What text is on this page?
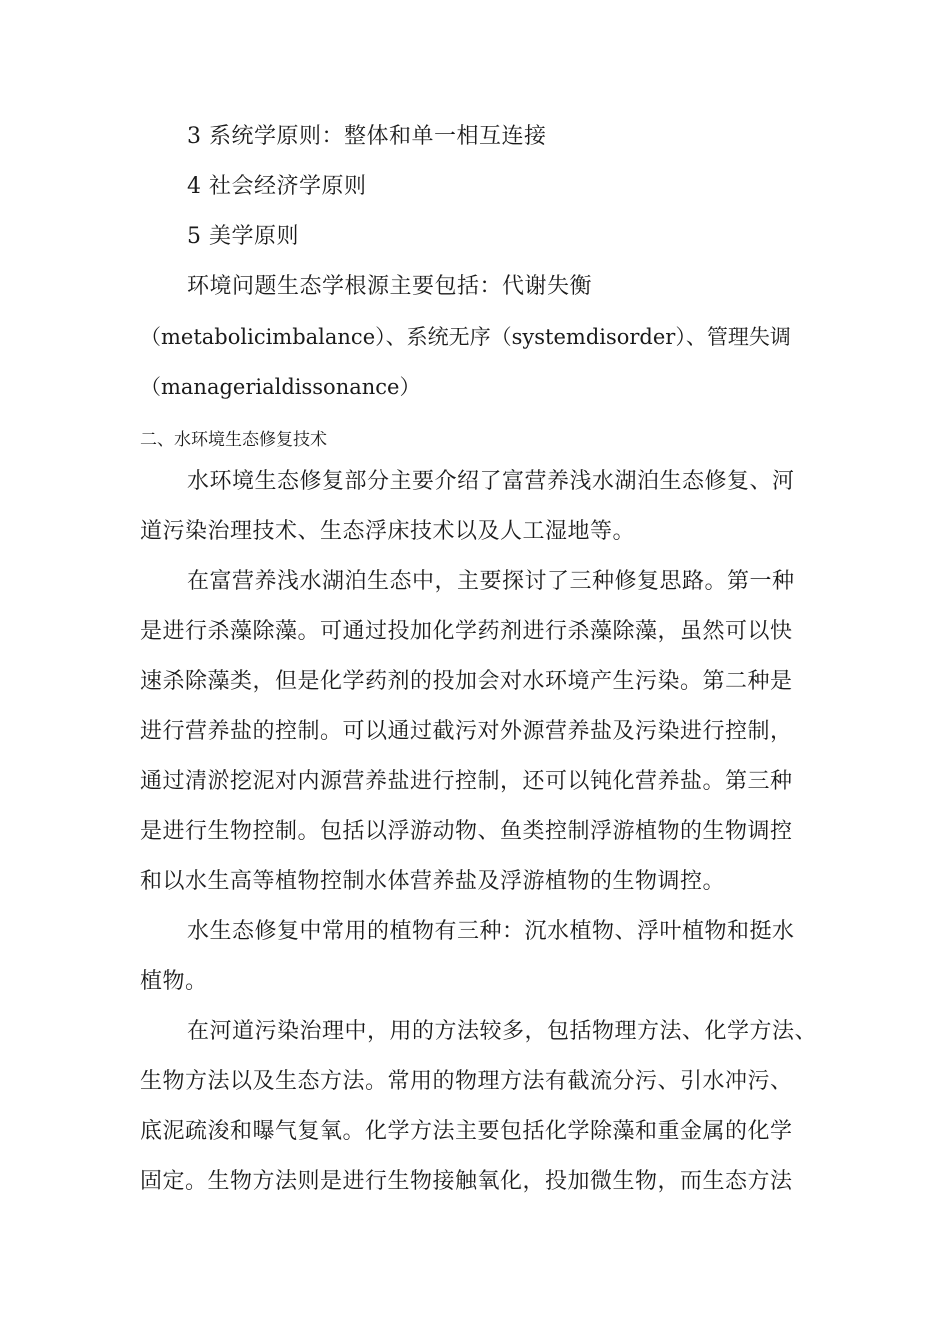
3 系统学原则：整体和单一相互连接
4 社会经济学原则
5 美学原则
环境问题生态学根源主要包括：代谢失衡
（metabolicimbalance）、系统无序（systemdisorder）、管理失调
（managerialdissonance）
二、水环境生态修复技术
水环境生态修复部分主要介绍了富营养浅水湖泊生态修复、河
道污染治理技术、生态浮床技术以及人工湿地等。
在富营养浅水湖泊生态中，主要探讨了三种修复思路。第一种
是进行杀藻除藻。可通过投加化学药剂进行杀藻除藻，虽然可以快
速杀除藻类，但是化学药剂的投加会对水环境产生污染。第二种是
进行营养盐的控制。可以通过截污对外源营养盐及污染进行控制，
通过清淤挖泥对内源营养盐进行控制，还可以钝化营养盐。第三种
是进行生物控制。包括以浮游动物、鱼类控制浮游植物的生物调控
和以水生高等植物控制水体营养盐及浮游植物的生物调控。
水生态修复中常用的植物有三种：沉水植物、浮叶植物和挺水
植物。
在河道污染治理中，用的方法较多，包括物理方法、化学方法、
生物方法以及生态方法。常用的物理方法有截流分污、引水冲污、
底泥疏浚和曝气复氧。化学方法主要包括化学除藻和重金属的化学
固定。生物方法则是进行生物接触氧化，投加微生物，而生态方法
